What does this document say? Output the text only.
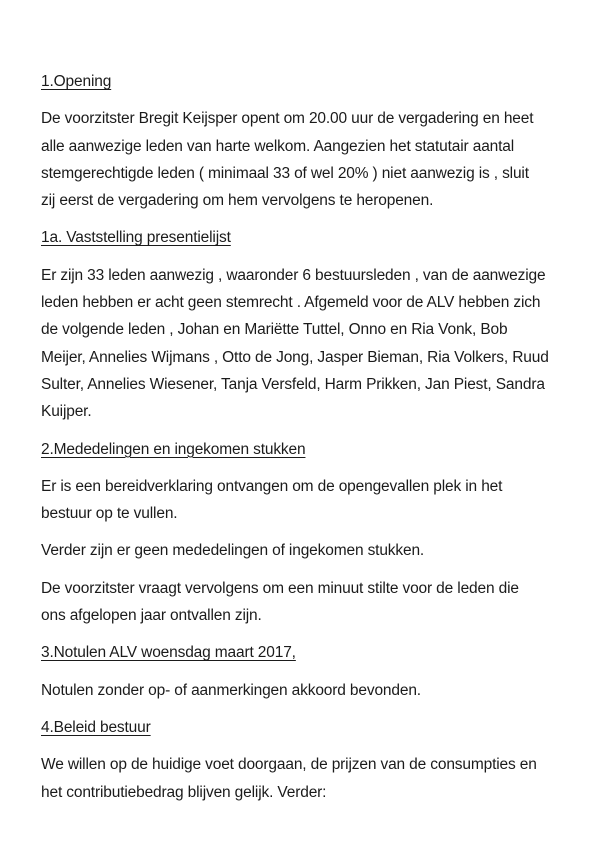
1.Opening
De voorzitster Bregit Keijsper opent om 20.00 uur de vergadering en heet
alle aanwezige leden van harte welkom. Aangezien het statutair aantal
stemgerechtigde leden ( minimaal 33 of wel 20% ) niet aanwezig is , sluit
zij eerst de vergadering om hem vervolgens te heropenen.
1a. Vaststelling presentielijst
Er zijn 33 leden aanwezig , waaronder 6 bestuursleden , van de aanwezige
leden hebben er acht geen stemrecht . Afgemeld voor de ALV hebben zich
de volgende leden , Johan en Mariëtte Tuttel, Onno en Ria Vonk, Bob
Meijer, Annelies Wijmans , Otto de Jong, Jasper Bieman, Ria Volkers, Ruud
Sulter, Annelies Wiesener, Tanja Versfeld, Harm Prikken, Jan Piest, Sandra
Kuijper.
2.Mededelingen en ingekomen stukken
Er is een bereidverklaring ontvangen om de opengevallen plek in het
bestuur op te vullen.
Verder zijn er geen mededelingen of ingekomen stukken.
De voorzitster vraagt vervolgens om een minuut stilte voor de leden die
ons afgelopen jaar ontvallen zijn.
3.Notulen ALV woensdag maart 2017,
Notulen zonder op- of aanmerkingen akkoord bevonden.
4.Beleid bestuur
We willen op de huidige voet doorgaan, de prijzen van de consumpties en
het contributiebedrag blijven gelijk. Verder:
